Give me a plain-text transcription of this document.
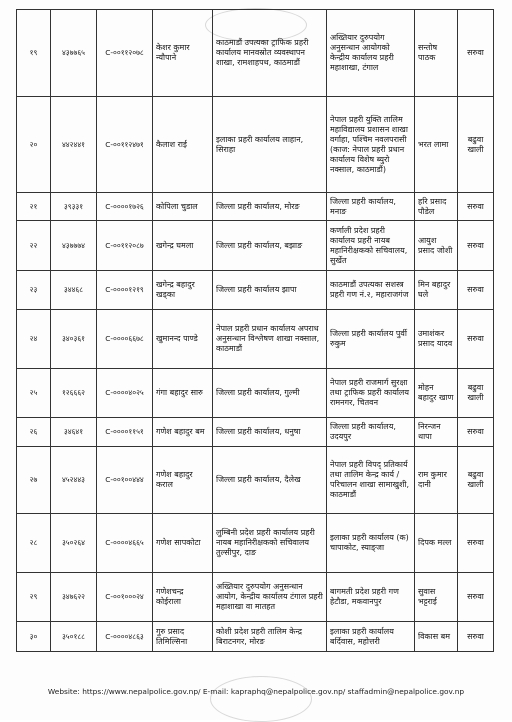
१९	४३७७६५	C-००११२०७८	केशर कुमार न्यौपाने	काठमाडौं उपत्यका ट्राफिक प्रहरी कार्यालय मानवस्रोत व्यवस्थापन शाखा, रामशाहपथ, काठमाडौं	अख्तियार दुरुपयोग अनुसन्धान आयोगको केन्द्रीय कार्यालय प्रहरी महाशाखा, टंगाल	सन्तोष पाठक	सरुवा
२०	४४२४४१	C-००११२४७१	कैलाश राई	इलाका प्रहरी कार्यालय लाहान, सिराहा	नेपाल प्रहरी युक्ति तालिम महाविद्यालय प्रशासन शाखा वर्गाहा, पश्चिम नवलपरासी (काज: नेपाल प्रहरी प्रधान कार्यालय विशेष ब्युरो नक्साल, काठमाडौं)	भरत लामा	बढुवा खाली
२१	३९३३१	C-००००१७२६	कोपिला चुडाल	जिल्ला प्रहरी कार्यालय, मोरङ	जिल्ला प्रहरी कार्यालय, मनाङ	हरि प्रसाद पौडेल	सरुवा
२२	४३७७७४	C-००११२०८७	खगेन्द्र घमला	जिल्ला प्रहरी कार्यालय, बझाङ	कर्णाली प्रदेश प्रहरी कार्यालय प्रहरी नायब महानिरीक्षकको सचिवालय, सुर्खेत	आयुश प्रसाद जोशी	सरुवा
२३	३४४६८	C-००००१२१९	खगेन्द्र बहादुर खड्का	जिल्ला प्रहरी कार्यालय झापा	काठमाडौं उपत्यका सशस्त्र प्रहरी गण नं.२, महाराजगंज	मिन बहादुर घले	सरुवा
२४	३४०३६१	C-००००६६७८	खुमानन्द पाण्डे	नेपाल प्रहरी प्रधान कार्यालय अपराध अनुसन्धान विश्लेषण शाखा नक्साल, काठमाडौं	जिल्ला प्रहरी कार्यालय पुर्वी रुकुम	उमाशंकर प्रसाद यादव	सरुवा
२५	१२६६६२	C-००००४०२५	गंगा बहादुर सारु	जिल्ला प्रहरी कार्यालय, गुल्मी	नेपाल प्रहरी राजमार्ग सुरक्षा तथा ट्राफिक प्रहरी कार्यालय रामनगर, चितवन	मोहन बहादुर खाण	बढुवा खाली
२६	३४६४१	C-००००११५१	गणेश बहादुर बम	जिल्ला प्रहरी कार्यालय, धनुषा	जिल्ला प्रहरी कार्यालय, उदयपुर	निरन्जन थापा	सरुवा
२७	४५२४४३	C-००१००४४४	गणेश बहादुर कराल	जिल्ला प्रहरी कार्यालय, दैलेख	नेपाल प्रहरी विपद् प्रतिकार्य तथा तालिम केन्द्र कार्य /परिचालन शाखा सामाखुशी, काठमाडौं	राम कुमार दानी	बढुवा खाली
२८	३५०२६४	C-००००४६६५	गणेश सापकोटा	लुम्बिनी प्रदेश प्रहरी कार्यालय प्रहरी नायब महानिरीक्षकको सचिवालय तुल्सीपुर, दाङ	इलाका प्रहरी कार्यालय (क) चापाकोट, स्याङ्जा	दिपक मल्ल	सरुवा
२९	३४७६२२	C-००१०००२४	गणेशचन्द्र कोईराला	अख्तियार दुरुपयोग अनुसन्धान आयोग, केन्द्रीय कार्यालय टंगाल प्रहरी महाशाखा वा मातहत	बागमती प्रदेश प्रहरी गण हेटौडा, मकवानपुर	सुवास भट्टराई	सरुवा
३०	३५०१८८	C-००००४८६३	गुरु प्रसाद तिमिल्सिना	कोशी प्रदेश प्रहरी तालिम केन्द्र बिराटनगर, मोरङ	इलाका प्रहरी कार्यालय बर्दिवास, महोत्तरी	विकास बम	सरुवा
Website: https://www.nepalpolice.gov.np/ E-mail: kapraphq@nepalpolice.gov.np/ staffadmin@nepalpolice.gov.np
